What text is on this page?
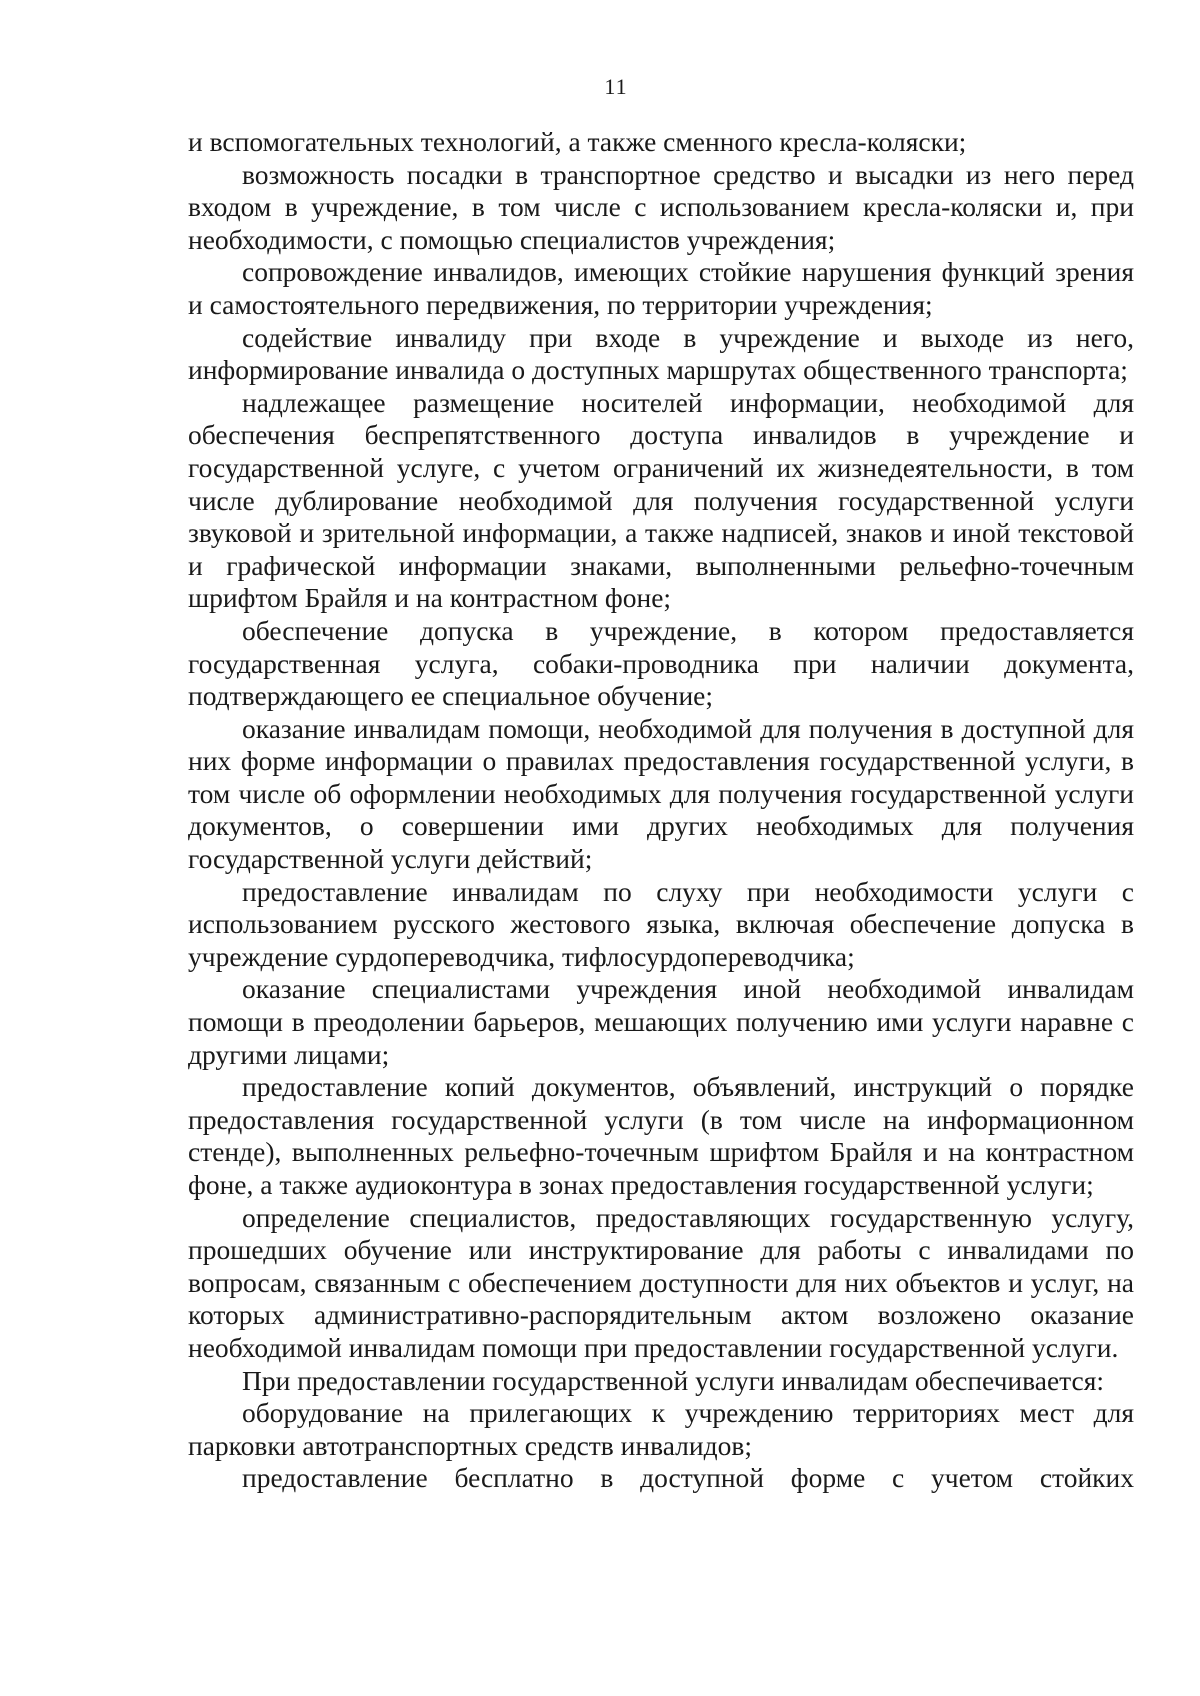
11

и вспомогательных технологий, а также сменного кресла-коляски;

возможность посадки в транспортное средство и высадки из него перед входом в учреждение, в том числе с использованием кресла-коляски и, при необходимости, с помощью специалистов учреждения;

сопровождение инвалидов, имеющих стойкие нарушения функций зрения и самостоятельного передвижения, по территории учреждения;

содействие инвалиду при входе в учреждение и выходе из него, информирование инвалида о доступных маршрутах общественного транспорта;

надлежащее размещение носителей информации, необходимой для обеспечения беспрепятственного доступа инвалидов в учреждение и государственной услуге, с учетом ограничений их жизнедеятельности, в том числе дублирование необходимой для получения государственной услуги звуковой и зрительной информации, а также надписей, знаков и иной текстовой и графической информации знаками, выполненными рельефно-точечным шрифтом Брайля и на контрастном фоне;

обеспечение допуска в учреждение, в котором предоставляется государственная услуга, собаки-проводника при наличии документа, подтверждающего ее специальное обучение;

оказание инвалидам помощи, необходимой для получения в доступной для них форме информации о правилах предоставления государственной услуги, в том числе об оформлении необходимых для получения государственной услуги документов, о совершении ими других необходимых для получения государственной услуги действий;

предоставление инвалидам по слуху при необходимости услуги с использованием русского жестового языка, включая обеспечение допуска в учреждение сурдопереводчика, тифлосурдопереводчика;

оказание специалистами учреждения иной необходимой инвалидам помощи в преодолении барьеров, мешающих получению ими услуги наравне с другими лицами;

предоставление копий документов, объявлений, инструкций о порядке предоставления государственной услуги (в том числе на информационном стенде), выполненных рельефно-точечным шрифтом Брайля и на контрастном фоне, а также аудиоконтура в зонах предоставления государственной услуги;

определение специалистов, предоставляющих государственную услугу, прошедших обучение или инструктирование для работы с инвалидами по вопросам, связанным с обеспечением доступности для них объектов и услуг, на которых административно-распорядительным актом возложено оказание необходимой инвалидам помощи при предоставлении государственной услуги.

При предоставлении государственной услуги инвалидам обеспечивается:

оборудование на прилегающих к учреждению территориях мест для парковки автотранспортных средств инвалидов;

предоставление бесплатно в доступной форме с учетом стойких
